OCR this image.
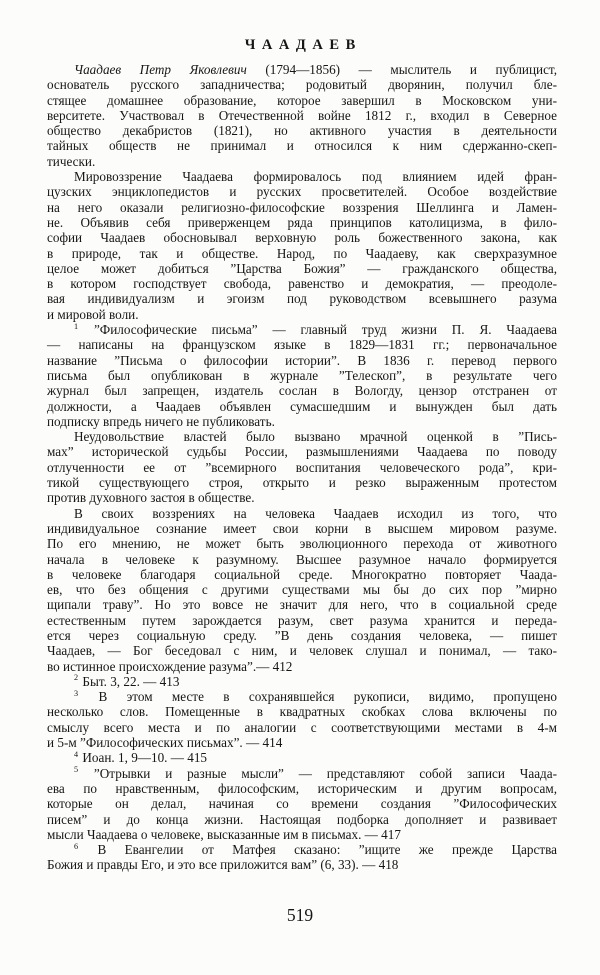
ЧААДАЕВ
Чаадаев Петр Яковлевич (1794—1856) — мыслитель и публицист,
основатель русского западничества; родовитый дворянин, получил бле-
стящее домашнее образование, которое завершил в Московском уни-
верситете. Участвовал в Отечественной войне 1812 г., входил в Северное
общество декабристов (1821), но активного участия в деятельности
тайных обществ не принимал и относился к ним сдержанно-скеп-
тически.
Мировоззрение Чаадаева формировалось под влиянием идей фран-
цузских энциклопедистов и русских просветителей. Особое воздействие
на него оказали религиозно-философские воззрения Шеллинга и Ламен-
не. Объявив себя приверженцем ряда принципов католицизма, в фило-
софии Чаадаев обосновывал верховную роль божественного закона, как
в природе, так и обществе. Народ, по Чаадаеву, как сверхразумное
целое может добиться ”Царства Божия” — гражданского общества,
в котором господствует свобода, равенство и демократия, — преодоле-
вая индивидуализм и эгоизм под руководством всевышнего разума
и мировой воли.
$^1$ ”Философические письма” — главный труд жизни П. Я. Чаадаева
— написаны на французском языке в 1829—1831 гг.; первоначальное
название ”Письма о философии истории”. В 1836 г. перевод первого
письма был опубликован в журнале ”Телескоп”, в результате чего
журнал был запрещен, издатель сослан в Вологду, цензор отстранен от
должности, а Чаадаев объявлен сумасшедшим и вынужден был дать
подписку впредь ничего не публиковать.
Неудовольствие властей было вызвано мрачной оценкой в ”Пись-
мах” исторической судьбы России, размышлениями Чаадаева по поводу
отлученности ее от ”всемирного воспитания человеческого рода”, кри-
тикой существующего строя, открыто и резко выраженным протестом
против духовного застоя в обществе.
В своих воззрениях на человека Чаадаев исходил из того, что
индивидуальное сознание имеет свои корни в высшем мировом разуме.
По его мнению, не может быть эволюционного перехода от животного
начала в человеке к разумному. Высшее разумное начало формируется
в человеке благодаря социальной среде. Многократно повторяет Чаада-
ев, что без общения с другими существами мы бы до сих пор ”мирно
щипали траву”. Но это вовсе не значит для него, что в социальной среде
естественным путем зарождается разум, свет разума хранится и переда-
ется через социальную среду. ”В день создания человека, — пишет
Чаадаев, — Бог беседовал с ним, и человек слушал и понимал, — тако-
во истинное происхождение разума”.— 412
$^2$ Быт. 3, 22. — 413
$^3$ В этом месте в сохранявшейся рукописи, видимо, пропущено
несколько слов. Помещенные в квадратных скобках слова включены по
смыслу всего места и по аналогии с соответствующими местами в 4-м
и 5-м ”Философических письмах”. — 414
$^4$ Иоан. 1, 9—10. — 415
$^5$ ”Отрывки и разные мысли” — представляют собой записи Чаада-
ева по нравственным, философским, историческим и другим вопросам,
которые он делал, начиная со времени создания ”Философических
писем” и до конца жизни. Настоящая подборка дополняет и развивает
мысли Чаадаева о человеке, высказанные им в письмах. — 417
$^6$ В Евангелии от Матфея сказано: ”ищите же прежде Царства
Божия и правды Его, и это все приложится вам” (6, 33). — 418
519
